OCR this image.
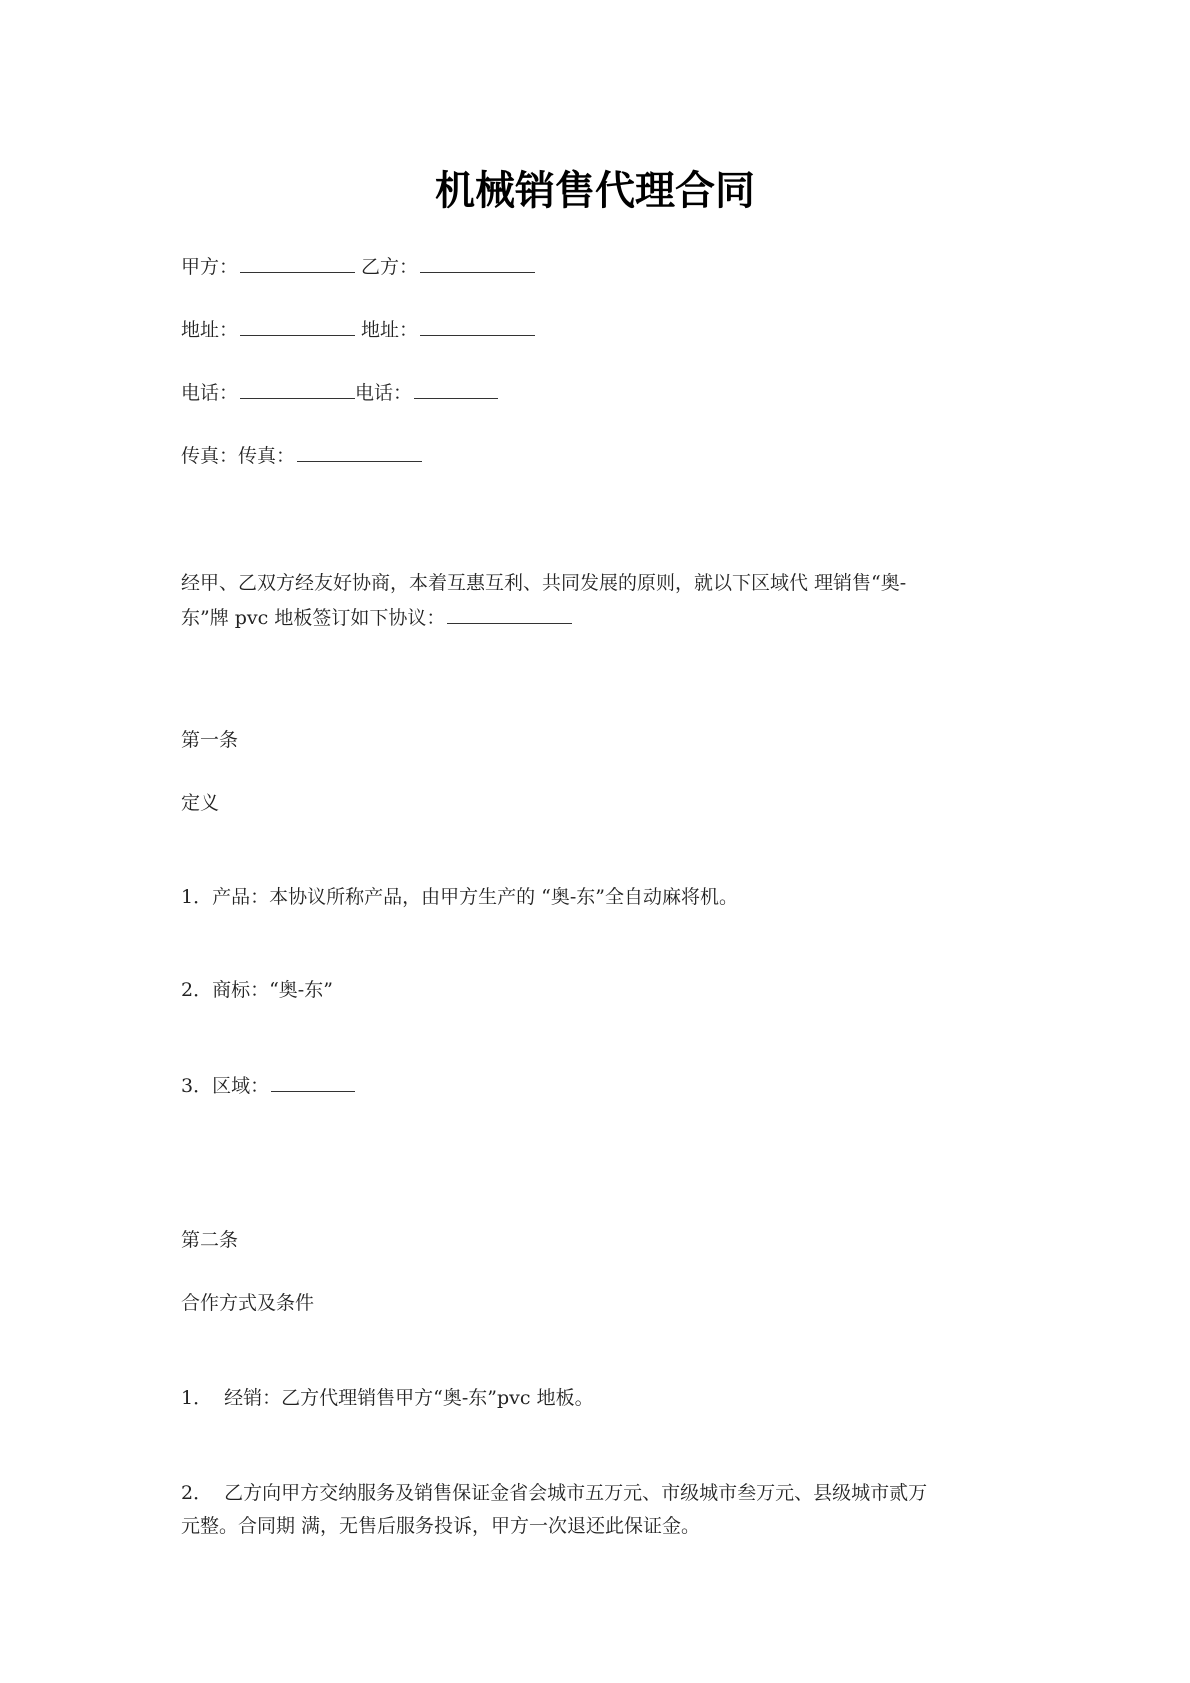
机械销售代理合同
甲方：	乙方：
地址：	地址：
电话：	电话：
传真：传真：
经甲、乙双方经友好协商，本着互惠互利、共同发展的原则，就以下区域代 理销售“奥-
东”牌 pvc 地板签订如下协议：
第一条
定义
1．产品：本协议所称产品，由甲方生产的 “奥-东”全自动麻将机。
2．商标：“奥-东”
3．区域：
第二条
合作方式及条件
1．  经销：乙方代理销售甲方“奥-东”pvc 地板。
2．  乙方向甲方交纳服务及销售保证金省会城市五万元、市级城市叁万元、县级城市贰万
元整。合同期 满，无售后服务投诉，甲方一次退还此保证金。
